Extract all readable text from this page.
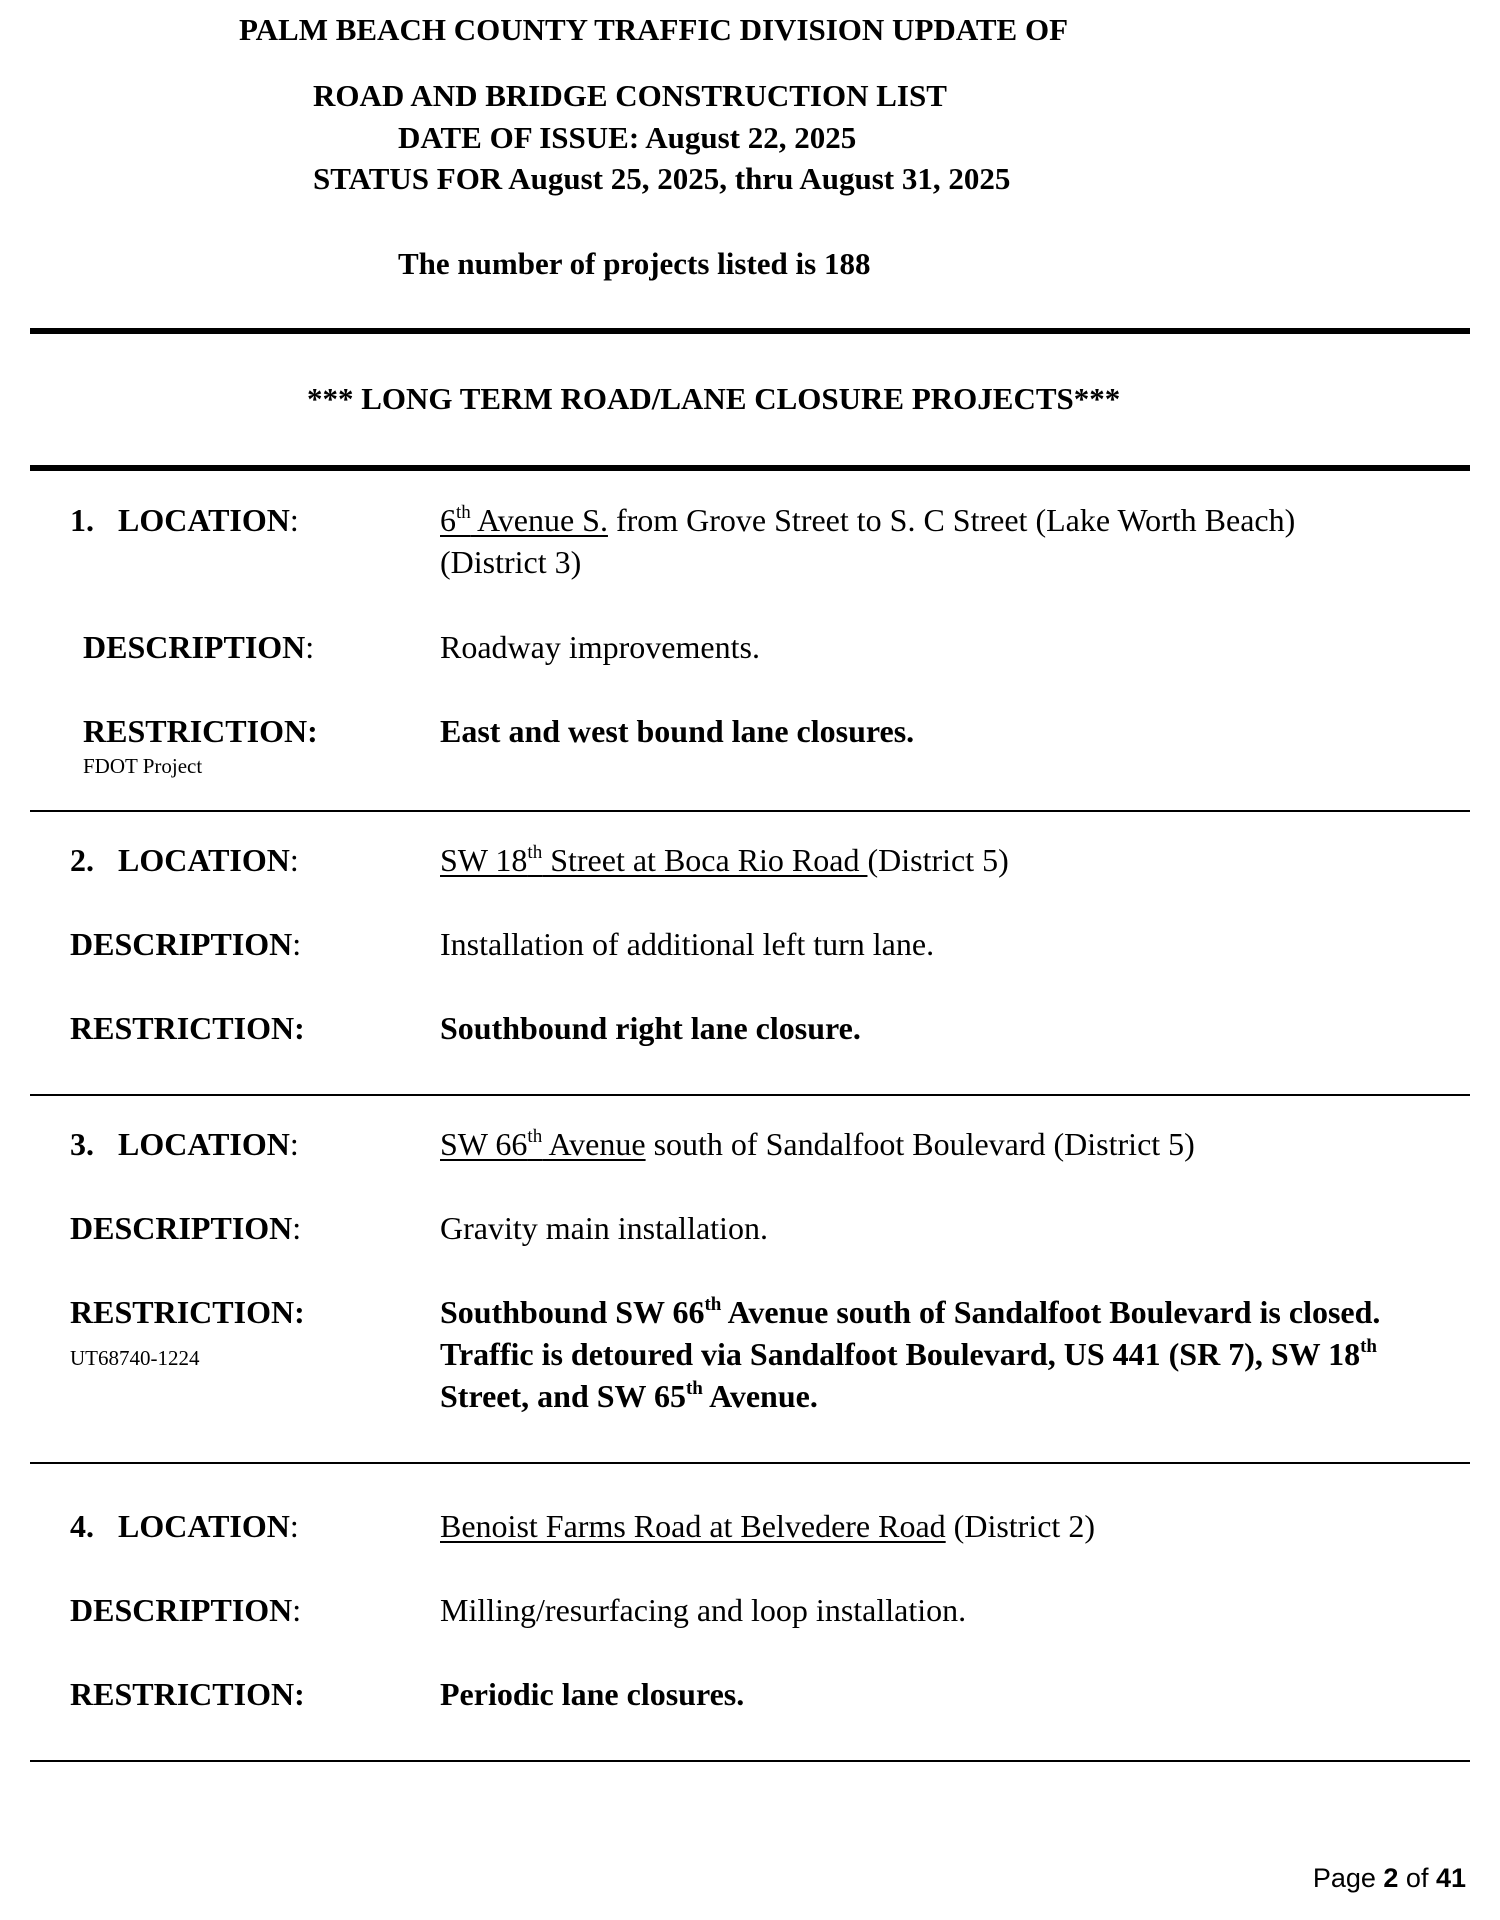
PALM BEACH COUNTY TRAFFIC DIVISION UPDATE OF
ROAD AND BRIDGE CONSTRUCTION LIST
DATE OF ISSUE: August 22, 2025
STATUS FOR August 25, 2025, thru August 31, 2025
The number of projects listed is 188
*** LONG TERM ROAD/LANE CLOSURE PROJECTS***
1. LOCATION:	6th Avenue S. from Grove Street to S. C Street (Lake Worth Beach)
(District 3)
DESCRIPTION:	Roadway improvements.
RESTRICTION:	East and west bound lane closures.
FDOT Project
2. LOCATION:	SW 18th Street at Boca Rio Road (District 5)
DESCRIPTION:	Installation of additional left turn lane.
RESTRICTION:	Southbound right lane closure.
3. LOCATION:	SW 66th Avenue south of Sandalfoot Boulevard (District 5)
DESCRIPTION:	Gravity main installation.
RESTRICTION:	Southbound SW 66th Avenue south of Sandalfoot Boulevard is closed.
Traffic is detoured via Sandalfoot Boulevard, US 441 (SR 7), SW 18th
Street, and SW 65th Avenue.
UT68740-1224
4. LOCATION:	Benoist Farms Road at Belvedere Road (District 2)
DESCRIPTION:	Milling/resurfacing and loop installation.
RESTRICTION:	Periodic lane closures.
Page 2 of 41
